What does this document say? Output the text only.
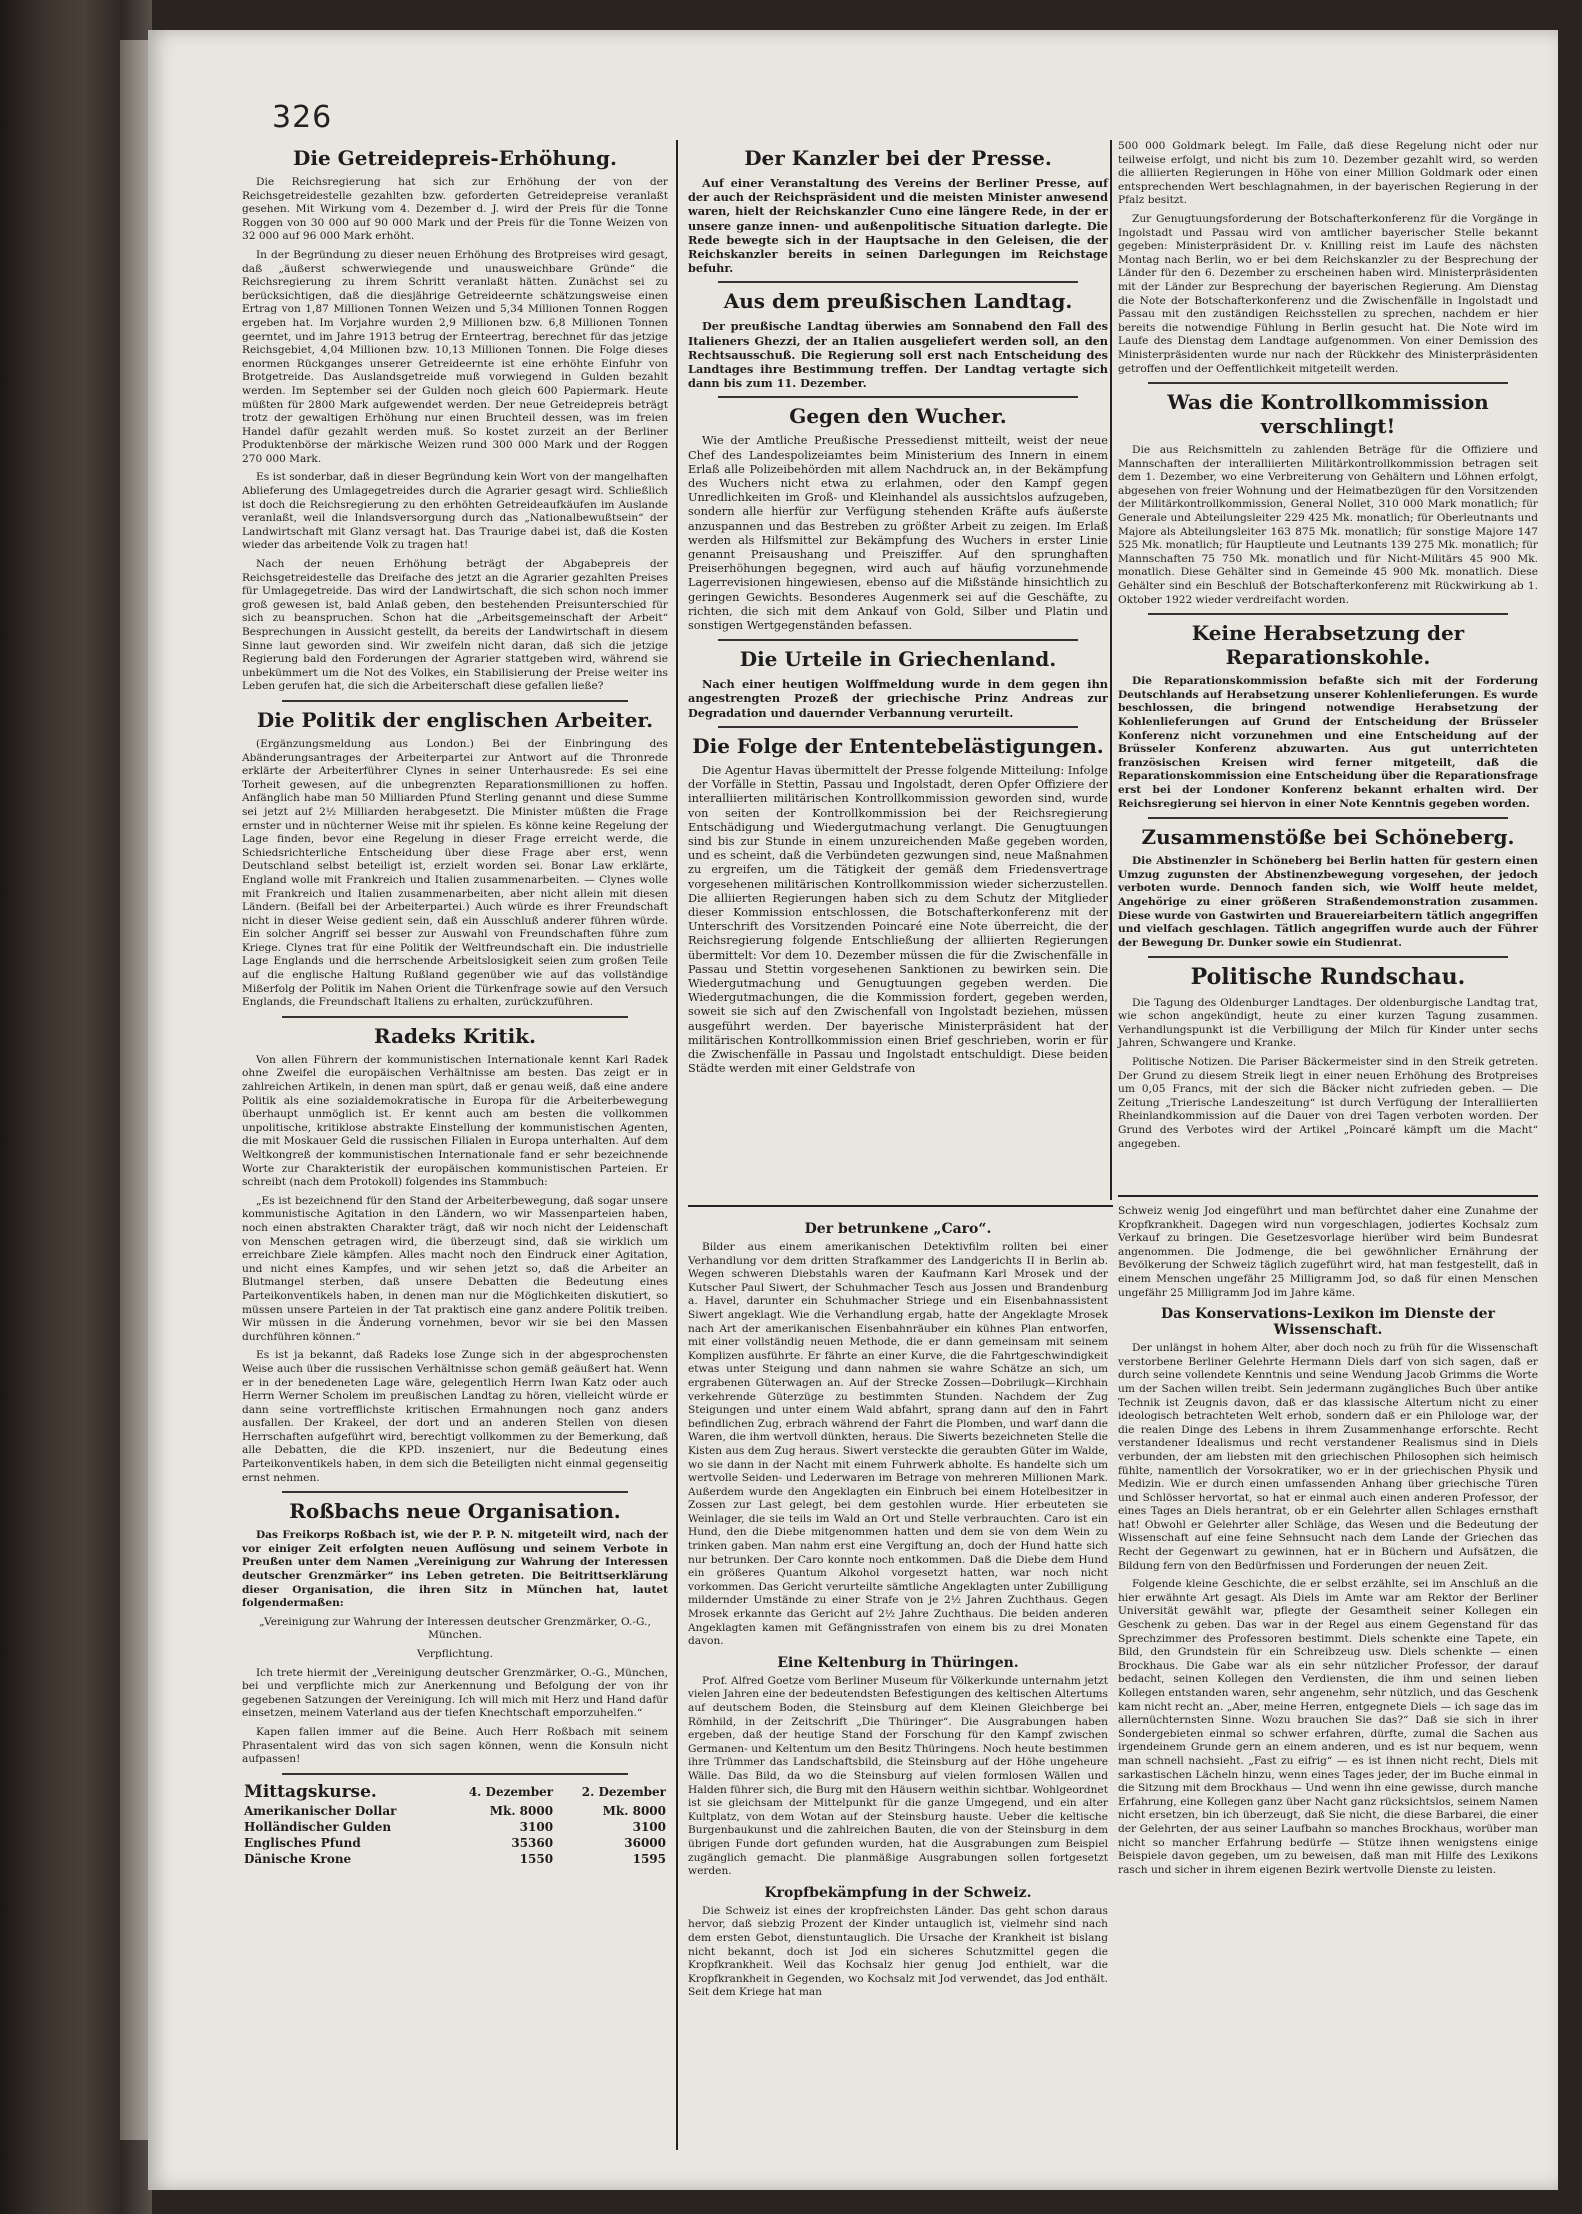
326
Die Getreidepreis-Erhöhung.

Die Reichsregierung hat sich zur Erhöhung der von der Reichsgetreidestelle gezahlten bzw. geforderten Getreidepreise veranlaßt gesehen. Mit Wirkung vom 4. Dezember d. J. wird der Preis für die Tonne Roggen von 30 000 auf 90 000 Mark und der Preis für die Tonne Weizen von 32 000 auf 96 000 Mark erhöht.

In der Begründung zu dieser neuen Erhöhung des Brotpreises wird gesagt, daß „äußerst schwerwiegende und unausweichbare Gründe“ die Reichsregierung zu ihrem Schritt veranlaßt hätten. Zunächst sei zu berücksichtigen, daß die diesjährige Getreideernte schätzungsweise einen Ertrag von 1,87 Millionen Tonnen Weizen und 5,34 Millionen Tonnen Roggen ergeben hat. Im Vorjahre wurden 2,9 Millionen bzw. 6,8 Millionen Tonnen geerntet, und im Jahre 1913 betrug der Ernteertrag, berechnet für das jetzige Reichsgebiet, 4,04 Millionen bzw. 10,13 Millionen Tonnen. Die Folge dieses enormen Rückganges unserer Getreideernte ist eine erhöhte Einfuhr von Brotgetreide. Das Auslandsgetreide muß vorwiegend in Gulden bezahlt werden. Im September sei der Gulden noch gleich 600 Papiermark. Heute müßten für 2800 Mark aufgewendet werden. Der neue Getreidepreis beträgt trotz der gewaltigen Erhöhung nur einen Bruchteil dessen, was im freien Handel dafür gezahlt werden muß. So kostet zurzeit an der Berliner Produktenbörse der märkische Weizen rund 300 000 Mark und der Roggen 270 000 Mark.

Es ist sonderbar, daß in dieser Begründung kein Wort von der mangelhaften Ablieferung des Umlagegetreides durch die Agrarier gesagt wird. Schließlich ist doch die Reichsregierung zu den erhöhten Getreideaufkäufen im Auslande veranlaßt, weil die Inlandsversorgung durch das „Nationalbewußtsein“ der Landwirtschaft mit Glanz versagt hat. Das Traurige dabei ist, daß die Kosten wieder das arbeitende Volk zu tragen hat!

Nach der neuen Erhöhung beträgt der Abgabepreis der Reichsgetreidestelle das Dreifache des jetzt an die Agrarier gezahlten Preises für Umlagegetreide. Das wird der Landwirtschaft, die sich schon noch immer groß gewesen ist, bald Anlaß geben, den bestehenden Preisunterschied für sich zu beanspruchen. Schon hat die „Arbeitsgemeinschaft der Arbeit“ Besprechungen in Aussicht gestellt, da bereits der Landwirtschaft in diesem Sinne laut geworden sind. Wir zweifeln nicht daran, daß sich die jetzige Regierung bald den Forderungen der Agrarier stattgeben wird, während sie unbekümmert um die Not des Volkes, ein Stabilisierung der Preise weiter ins Leben gerufen hat, die sich die Arbeiterschaft diese gefallen ließe?

Die Politik der englischen Arbeiter.

(Ergänzungsmeldung aus London.) Bei der Einbringung des Abänderungsantrages der Arbeiterpartei zur Antwort auf die Thronrede erklärte der Arbeiterführer Clynes in seiner Unterhausrede: Es sei eine Torheit gewesen, auf die unbegrenzten Reparationsmillionen zu hoffen. Anfänglich habe man 50 Milliarden Pfund Sterling genannt und diese Summe sei jetzt auf 2½ Milliarden herabgesetzt. Die Minister müßten die Frage ernster und in nüchterner Weise mit ihr spielen. Es könne keine Regelung der Lage finden, bevor eine Regelung in dieser Frage erreicht werde, die Schiedsrichterliche Entscheidung über diese Frage aber erst, wenn Deutschland selbst beteiligt ist, erzielt worden sei. Bonar Law erklärte, England wolle mit Frankreich und Italien zusammenarbeiten. — Clynes wolle mit Frankreich und Italien zusammenarbeiten, aber nicht allein mit diesen Ländern. (Beifall bei der Arbeiterpartei.) Auch würde es ihrer Freundschaft nicht in dieser Weise gedient sein, daß ein Ausschluß anderer führen würde. Ein solcher Angriff sei besser zur Auswahl von Freundschaften führe zum Kriege. Clynes trat für eine Politik der Weltfreundschaft ein. Die industrielle Lage Englands und die herrschende Arbeitslosigkeit seien zum großen Teile auf die englische Haltung Rußland gegenüber wie auf das vollständige Mißerfolg der Politik im Nahen Orient die Türkenfrage sowie auf den Versuch Englands, die Freundschaft Italiens zu erhalten, zurückzuführen.

Radeks Kritik.

Von allen Führern der kommunistischen Internationale kennt Karl Radek ohne Zweifel die europäischen Verhältnisse am besten. Das zeigt er in zahlreichen Artikeln, in denen man spürt, daß er genau weiß, daß eine andere Politik als eine sozialdemokratische in Europa für die Arbeiterbewegung überhaupt unmöglich ist. Er kennt auch am besten die vollkommen unpolitische, kritiklose abstrakte Einstellung der kommunistischen Agenten, die mit Moskauer Geld die russischen Filialen in Europa unterhalten. Auf dem Weltkongreß der kommunistischen Internationale fand er sehr bezeichnende Worte zur Charakteristik der europäischen kommunistischen Parteien. Er schreibt (nach dem Protokoll) folgendes ins Stammbuch:

„Es ist bezeichnend für den Stand der Arbeiterbewegung, daß sogar unsere kommunistische Agitation in den Ländern, wo wir Massenparteien haben, noch einen abstrakten Charakter trägt, daß wir noch nicht der Leidenschaft von Menschen getragen wird, die überzeugt sind, daß sie wirklich um erreichbare Ziele kämpfen. Alles macht noch den Eindruck einer Agitation, und nicht eines Kampfes, und wir sehen jetzt so, daß die Arbeiter an Blutmangel sterben, daß unsere Debatten die Bedeutung eines Parteikonventikels haben, in denen man nur die Möglichkeiten diskutiert, so müssen unsere Parteien in der Tat praktisch eine ganz andere Politik treiben. Wir müssen in die Änderung vornehmen, bevor wir sie bei den Massen durchführen können.“

Es ist ja bekannt, daß Radeks lose Zunge sich in der abgesprochensten Weise auch über die russischen Verhältnisse schon gemäß geäußert hat. Wenn er in der benedeneten Lage wäre, gelegentlich Herrn Iwan Katz oder auch Herrn Werner Scholem im preußischen Landtag zu hören, vielleicht würde er dann seine vortrefflichste kritischen Ermahnungen noch ganz anders ausfallen. Der Krakeel, der dort und an anderen Stellen von diesen Herrschaften aufgeführt wird, berechtigt vollkommen zu der Bemerkung, daß alle Debatten, die die KPD. inszeniert, nur die Bedeutung eines Parteikonventikels haben, in dem sich die Beteiligten nicht einmal gegenseitig ernst nehmen.

Roßbachs neue Organisation.

Das Freikorps Roßbach ist, wie der P. P. N. mitgeteilt wird, nach der vor einiger Zeit erfolgten neuen Auflösung und seinem Verbote in Preußen unter dem Namen „Vereinigung zur Wahrung der Interessen deutscher Grenzmärker“ ins Leben getreten. Die Beitrittserklärung dieser Organisation, die ihren Sitz in München hat, lautet folgendermaßen:

„Vereinigung zur Wahrung der Interessen deutscher Grenzmärker, O.-G., München.

Verpflichtung.

Ich trete hiermit der „Vereinigung deutscher Grenzmärker, O.-G., München, bei und verpflichte mich zur Anerkennung und Befolgung der von ihr gegebenen Satzungen der Vereinigung. Ich will mich mit Herz und Hand dafür einsetzen, meinem Vaterland aus der tiefen Knechtschaft emporzuhelfen.“

Kapen fallen immer auf die Beine. Auch Herr Roßbach mit seinem Phrasentalent wird das von sich sagen können, wenn die Konsuln nicht aufpassen!

Mittagskurse.	4. Dezember	2. Dezember
Amerikanischer Dollar	Mk. 8000	Mk. 8000
Holländischer Gulden	3100	3100
Englisches Pfund	35360	36000
Dänische Krone	1550	1595
Der Kanzler bei der Presse.

Auf einer Veranstaltung des Vereins der Berliner Presse, auf der auch der Reichspräsident und die meisten Minister anwesend waren, hielt der Reichskanzler Cuno eine längere Rede, in der er unsere ganze innen- und außenpolitische Situation darlegte. Die Rede bewegte sich in der Hauptsache in den Geleisen, die der Reichskanzler bereits in seinen Darlegungen im Reichstage befuhr.

Aus dem preußischen Landtag.

Der preußische Landtag überwies am Sonnabend den Fall des Italieners Ghezzi, der an Italien ausgeliefert werden soll, an den Rechtsausschuß. Die Regierung soll erst nach Entscheidung des Landtages ihre Bestimmung treffen. Der Landtag vertagte sich dann bis zum 11. Dezember.

Gegen den Wucher.

Wie der Amtliche Preußische Pressedienst mitteilt, weist der neue Chef des Landespolizeiamtes beim Ministerium des Innern in einem Erlaß alle Polizeibehörden mit allem Nachdruck an, in der Bekämpfung des Wuchers nicht etwa zu erlahmen, oder den Kampf gegen Unredlichkeiten im Groß- und Kleinhandel als aussichtslos aufzugeben, sondern alle hierfür zur Verfügung stehenden Kräfte aufs äußerste anzuspannen und das Bestreben zu größter Arbeit zu zeigen. Im Erlaß werden als Hilfsmittel zur Bekämpfung des Wuchers in erster Linie genannt Preisaushang und Preisziffer. Auf den sprunghaften Preiserhöhungen begegnen, wird auch auf häufig vorzunehmende Lagerrevisionen hingewiesen, ebenso auf die Mißstände hinsichtlich zu geringen Gewichts. Besonderes Augenmerk sei auf die Geschäfte, zu richten, die sich mit dem Ankauf von Gold, Silber und Platin und sonstigen Wertgegenständen befassen.

Die Urteile in Griechenland.

Nach einer heutigen Wolffmeldung wurde in dem gegen ihn angestrengten Prozeß der griechische Prinz Andreas zur Degradation und dauernder Verbannung verurteilt.

Die Folge der Ententebelästigungen.

Die Agentur Havas übermittelt der Presse folgende Mitteilung: Infolge der Vorfälle in Stettin, Passau und Ingolstadt, deren Opfer Offiziere der interalliierten militärischen Kontrollkommission geworden sind, wurde von seiten der Kontrollkommission bei der Reichsregierung Entschädigung und Wiedergutmachung verlangt. Die Genugtuungen sind bis zur Stunde in einem unzureichenden Maße gegeben worden, und es scheint, daß die Verbündeten gezwungen sind, neue Maßnahmen zu ergreifen, um die Tätigkeit der gemäß dem Friedensvertrage vorgesehenen militärischen Kontrollkommission wieder sicherzustellen. Die alliierten Regierungen haben sich zu dem Schutz der Mitglieder dieser Kommission entschlossen, die Botschafterkonferenz mit der Unterschrift des Vorsitzenden Poincaré eine Note überreicht, die der Reichsregierung folgende Entschließung der alliierten Regierungen übermittelt: Vor dem 10. Dezember müssen die für die Zwischenfälle in Passau und Stettin vorgesehenen Sanktionen zu bewirken sein. Die Wiedergutmachung und Genugtuungen gegeben werden. Die Wiedergutmachungen, die die Kommission fordert, gegeben werden, soweit sie sich auf den Zwischenfall von Ingolstadt beziehen, müssen ausgeführt werden. Der bayerische Ministerpräsident hat der militärischen Kontrollkommission einen Brief geschrieben, worin er für die Zwischenfälle in Passau und Ingolstadt entschuldigt. Diese beiden Städte werden mit einer Geldstrafe von

Der betrunkene „Caro“.

Bilder aus einem amerikanischen Detektivfilm rollten bei einer Verhandlung vor dem dritten Strafkammer des Landgerichts II in Berlin ab. Wegen schweren Diebstahls waren der Kaufmann Karl Mrosek und der Kutscher Paul Siwert, der Schuhmacher Tesch aus Jossen und Brandenburg a. Havel, darunter ein Schuhmacher Striege und ein Eisenbahnassistent Siwert angeklagt. Wie die Verhandlung ergab, hatte der Angeklagte Mrosek nach Art der amerikanischen Eisenbahnräuber ein kühnes Plan entworfen, mit einer vollständig neuen Methode, die er dann gemeinsam mit seinem Komplizen ausführte. Er fährte an einer Kurve, die die Fahrtgeschwindigkeit etwas unter Steigung und dann nahmen sie wahre Schätze an sich, um ergrabenen Güterwagen an. Auf der Strecke Zossen—Dobrilugk—Kirchhain verkehrende Güterzüge zu bestimmten Stunden. Nachdem der Zug Steigungen und unter einem Wald abfahrt, sprang dann auf den in Fahrt befindlichen Zug, erbrach während der Fahrt die Plomben, und warf dann die Waren, die ihm wertvoll dünkten, heraus. Die Siwerts bezeichneten Stelle die Kisten aus dem Zug heraus. Siwert versteckte die geraubten Güter im Walde, wo sie dann in der Nacht mit einem Fuhrwerk abholte. Es handelte sich um wertvolle Seiden- und Lederwaren im Betrage von mehreren Millionen Mark. Außerdem wurde den Angeklagten ein Einbruch bei einem Hotelbesitzer in Zossen zur Last gelegt, bei dem gestohlen wurde. Hier erbeuteten sie Weinlager, die sie teils im Wald an Ort und Stelle verbrauchten. Caro ist ein Hund, den die Diebe mitgenommen hatten und dem sie von dem Wein zu trinken gaben. Man nahm erst eine Vergiftung an, doch der Hund hatte sich nur betrunken. Der Caro konnte noch entkommen. Daß die Diebe dem Hund ein größeres Quantum Alkohol vorgesetzt hatten, war noch nicht vorkommen. Das Gericht verurteilte sämtliche Angeklagten unter Zubilligung mildernder Umstände zu einer Strafe von je 2½ Jahren Zuchthaus. Gegen Mrosek erkannte das Gericht auf 2½ Jahre Zuchthaus. Die beiden anderen Angeklagten kamen mit Gefängnisstrafen von einem bis zu drei Monaten davon.

Eine Keltenburg in Thüringen.

Prof. Alfred Goetze vom Berliner Museum für Völkerkunde unternahm jetzt vielen Jahren eine der bedeutendsten Befestigungen des keltischen Altertums auf deutschem Boden, die Steinsburg auf dem Kleinen Gleichberge bei Römhild, in der Zeitschrift „Die Thüringer“. Die Ausgrabungen haben ergeben, daß der heutige Stand der Forschung für den Kampf zwischen Germanen- und Keltentum um den Besitz Thüringens. Noch heute bestimmen ihre Trümmer das Landschaftsbild, die Steinsburg auf der Höhe ungeheure Wälle. Das Bild, da wo die Steinsburg auf vielen formlosen Wällen und Halden führer sich, die Burg mit den Häusern weithin sichtbar. Wohlgeordnet ist sie gleichsam der Mittelpunkt für die ganze Umgegend, und ein alter Kultplatz, von dem Wotan auf der Steinsburg hauste. Ueber die keltische Burgenbaukunst und die zahlreichen Bauten, die von der Steinsburg in dem übrigen Funde dort gefunden wurden, hat die Ausgrabungen zum Beispiel zugänglich gemacht. Die planmäßige Ausgrabungen sollen fortgesetzt werden.

Kropfbekämpfung in der Schweiz.

Die Schweiz ist eines der kropfreichsten Länder. Das geht schon daraus hervor, daß siebzig Prozent der Kinder untauglich ist, vielmehr sind nach dem ersten Gebot, dienstuntauglich. Die Ursache der Krankheit ist bislang nicht bekannt, doch ist Jod ein sicheres Schutzmittel gegen die Kropfkrankheit. Weil das Kochsalz hier genug Jod enthielt, war die Kropfkrankheit in Gegenden, wo Kochsalz mit Jod verwendet, das Jod enthält. Seit dem Kriege hat man

500 000 Goldmark belegt. Im Falle, daß diese Regelung nicht oder nur teilweise erfolgt, und nicht bis zum 10. Dezember gezahlt wird, so werden die alliierten Regierungen in Höhe von einer Million Goldmark oder einen entsprechenden Wert beschlagnahmen, in der bayerischen Regierung in der Pfalz besitzt.

Zur Genugtuungsforderung der Botschafterkonferenz für die Vorgänge in Ingolstadt und Passau wird von amtlicher bayerischer Stelle bekannt gegeben: Ministerpräsident Dr. v. Knilling reist im Laufe des nächsten Montag nach Berlin, wo er bei dem Reichskanzler zu der Besprechung der Länder für den 6. Dezember zu erscheinen haben wird. Ministerpräsidenten mit der Länder zur Besprechung der bayerischen Regierung. Am Dienstag die Note der Botschafterkonferenz und die Zwischenfälle in Ingolstadt und Passau mit den zuständigen Reichsstellen zu sprechen, nachdem er hier bereits die notwendige Fühlung in Berlin gesucht hat. Die Note wird im Laufe des Dienstag dem Landtage aufgenommen. Von einer Demission des Ministerpräsidenten wurde nur nach der Rückkehr des Ministerpräsidenten getroffen und der Oeffentlichkeit mitgeteilt werden.

Was die Kontrollkommission verschlingt!

Die aus Reichsmitteln zu zahlenden Beträge für die Offiziere und Mannschaften der interalliierten Militärkontrollkommission betragen seit dem 1. Dezember, wo eine Verbreiterung von Gehältern und Löhnen erfolgt, abgesehen von freier Wohnung und der Heimatbezügen für den Vorsitzenden der Militärkontrollkommission, General Nollet, 310 000 Mark monatlich; für Generale und Abteilungsleiter 229 425 Mk. monatlich; für Oberleutnants und Majore als Abteilungsleiter 163 875 Mk. monatlich; für sonstige Majore 147 525 Mk. monatlich; für Hauptleute und Leutnants 139 275 Mk. monatlich; für Mannschaften 75 750 Mk. monatlich und für Nicht-Militärs 45 900 Mk. monatlich. Diese Gehälter sind in Gemeinde 45 900 Mk. monatlich. Diese Gehälter sind ein Beschluß der Botschafterkonferenz mit Rückwirkung ab 1. Oktober 1922 wieder verdreifacht worden.

Keine Herabsetzung der Reparationskohle.

Die Reparationskommission befaßte sich mit der Forderung Deutschlands auf Herabsetzung unserer Kohlenlieferungen. Es wurde beschlossen, die bringend notwendige Herabsetzung der Kohlenlieferungen auf Grund der Entscheidung der Brüsseler Konferenz nicht vorzunehmen und eine Entscheidung auf der Brüsseler Konferenz abzuwarten. Aus gut unterrichteten französischen Kreisen wird ferner mitgeteilt, daß die Reparationskommission eine Entscheidung über die Reparationsfrage erst bei der Londoner Konferenz bekannt erhalten wird. Der Reichsregierung sei hiervon in einer Note Kenntnis gegeben worden.

Zusammenstöße bei Schöneberg.

Die Abstinenzler in Schöneberg bei Berlin hatten für gestern einen Umzug zugunsten der Abstinenzbewegung vorgesehen, der jedoch verboten wurde. Dennoch fanden sich, wie Wolff heute meldet, Angehörige zu einer größeren Straßendemonstration zusammen. Diese wurde von Gastwirten und Brauereiarbeitern tätlich angegriffen und vielfach geschlagen. Tätlich angegriffen wurde auch der Führer der Bewegung Dr. Dunker sowie ein Studienrat.

Politische Rundschau.

Die Tagung des Oldenburger Landtages. Der oldenburgische Landtag trat, wie schon angekündigt, heute zu einer kurzen Tagung zusammen. Verhandlungspunkt ist die Verbilligung der Milch für Kinder unter sechs Jahren, Schwangere und Kranke.

Politische Notizen. Die Pariser Bäckermeister sind in den Streik getreten. Der Grund zu diesem Streik liegt in einer neuen Erhöhung des Brotpreises um 0,05 Francs, mit der sich die Bäcker nicht zufrieden geben. — Die Zeitung „Trierische Landeszeitung“ ist durch Verfügung der Interalliierten Rheinlandkommission auf die Dauer von drei Tagen verboten worden. Der Grund des Verbotes wird der Artikel „Poincaré kämpft um die Macht“ angegeben.

Schweiz wenig Jod eingeführt und man befürchtet daher eine Zunahme der Kropfkrankheit. Dagegen wird nun vorgeschlagen, jodiertes Kochsalz zum Verkauf zu bringen. Die Gesetzesvorlage hierüber wird beim Bundesrat angenommen. Die Jodmenge, die bei gewöhnlicher Ernährung der Bevölkerung der Schweiz täglich zugeführt wird, hat man festgestellt, daß in einem Menschen ungefähr 25 Milligramm Jod, so daß für einen Menschen ungefähr 25 Milligramm Jod im Jahre käme.

Das Konservations-Lexikon im Dienste der Wissenschaft.

Der unlängst in hohem Alter, aber doch noch zu früh für die Wissenschaft verstorbene Berliner Gelehrte Hermann Diels darf von sich sagen, daß er durch seine vollendete Kenntnis und seine Wendung Jacob Grimms die Worte um der Sachen willen treibt. Sein jedermann zugängliches Buch über antike Technik ist Zeugnis davon, daß er das klassische Altertum nicht zu einer ideologisch betrachteten Welt erhob, sondern daß er ein Philologe war, der die realen Dinge des Lebens in ihrem Zusammenhange erforschte. Recht verstandener Idealismus und recht verstandener Realismus sind in Diels verbunden, der am liebsten mit den griechischen Philosophen sich heimisch fühlte, namentlich der Vorsokratiker, wo er in der griechischen Physik und Medizin. Wie er durch einen umfassenden Anhang über griechische Türen und Schlösser hervortat, so hat er einmal auch einen anderen Professor, der eines Tages an Diels herantrat, ob er ein Gelehrter allen Schlages ernsthaft hat! Obwohl er Gelehrter aller Schläge, das Wesen und die Bedeutung der Wissenschaft auf eine feine Sehnsucht nach dem Lande der Griechen das Recht der Gegenwart zu gewinnen, hat er in Büchern und Aufsätzen, die Bildung fern von den Bedürfnissen und Forderungen der neuen Zeit.

Folgende kleine Geschichte, die er selbst erzählte, sei im Anschluß an die hier erwähnte Art gesagt. Als Diels im Amte war am Rektor der Berliner Universität gewählt war, pflegte der Gesamtheit seiner Kollegen ein Geschenk zu geben. Das war in der Regel aus einem Gegenstand für das Sprechzimmer des Professoren bestimmt. Diels schenkte eine Tapete, ein Bild, den Grundstein für ein Schreibzeug usw. Diels schenkte — einen Brockhaus. Die Gabe war als ein sehr nützlicher Professor, der darauf bedacht, seinen Kollegen den Verdiensten, die ihm und seinen lieben Kollegen entstanden waren, sehr angenehm, sehr nützlich, und das Geschenk kam nicht recht an. „Aber, meine Herren, entgegnete Diels — ich sage das im allernüchternsten Sinne. Wozu brauchen Sie das?“ Daß sie sich in ihrer Sondergebieten einmal so schwer erfahren, dürfte, zumal die Sachen aus irgendeinem Grunde gern an einem anderen, und es ist nur bequem, wenn man schnell nachsieht. „Fast zu eifrig“ — es ist ihnen nicht recht, Diels mit sarkastischen Lächeln hinzu, wenn eines Tages jeder, der im Buche einmal in die Sitzung mit dem Brockhaus — Und wenn ihn eine gewisse, durch manche Erfahrung, eine Kollegen ganz über Nacht ganz rücksichtslos, seinem Namen nicht ersetzen, bin ich überzeugt, daß Sie nicht, die diese Barbarei, die einer der Gelehrten, der aus seiner Laufbahn so manches Brockhaus, worüber man nicht so mancher Erfahrung bedürfe — Stütze ihnen wenigstens einige Beispiele davon gegeben, um zu beweisen, daß man mit Hilfe des Lexikons rasch und sicher in ihrem eigenen Bezirk wertvolle Dienste zu leisten.
